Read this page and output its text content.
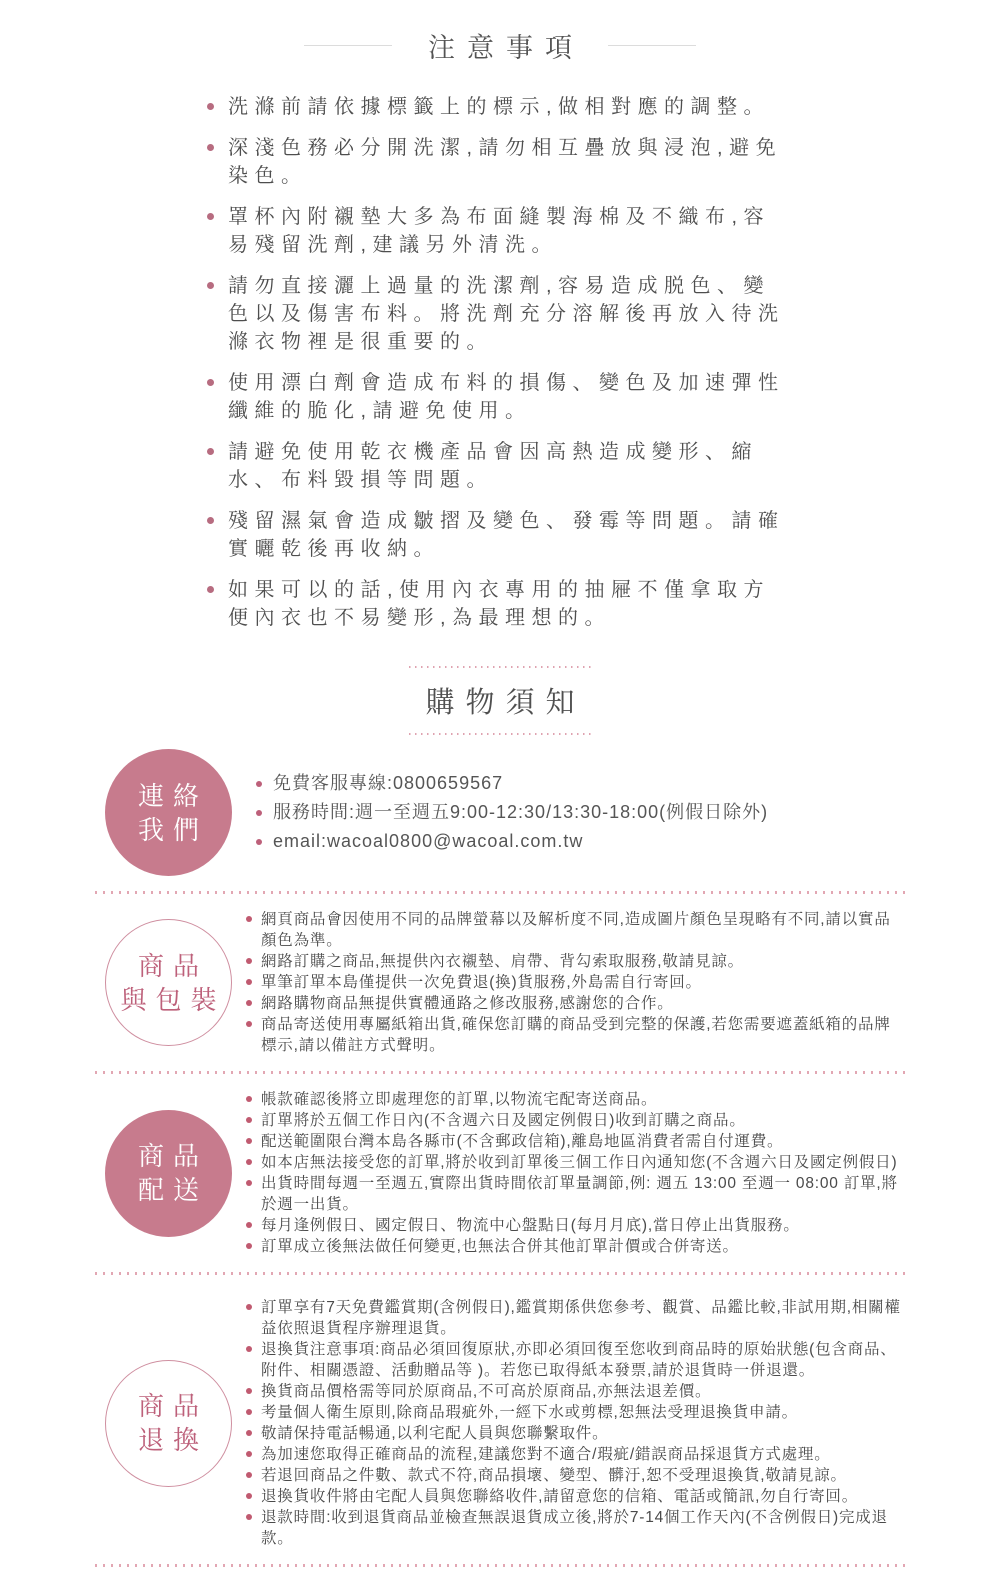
注意事項
洗滌前請依據標籤上的標示,做相對應的調整。
深淺色務必分開洗潔,請勿相互疊放與浸泡,避免染色。
罩杯內附襯墊大多為布面縫製海棉及不織布,容易殘留洗劑,建議另外清洗。
請勿直接灑上過量的洗潔劑,容易造成脱色、變色以及傷害布料。將洗劑充分溶解後再放入待洗滌衣物裡是很重要的。
使用漂白劑會造成布料的損傷、變色及加速彈性纖維的脆化,請避免使用。
請避免使用乾衣機產品會因高熱造成變形、縮水、布料毀損等問題。
殘留濕氣會造成皺摺及變色、發霉等問題。請確實曬乾後再收納。
如果可以的話,使用內衣專用的抽屜不僅拿取方便內衣也不易變形,為最理想的。
購物須知
連絡
我們
免費客服專線:0800659567
服務時間:週一至週五9:00-12:30/13:30-18:00(例假日除外)
email:wacoal0800@wacoal.com.tw
商品
與包裝
網頁商品會因使用不同的品牌螢幕以及解析度不同,造成圖片顏色呈現略有不同,請以實品顏色為準。
網路訂購之商品,無提供內衣襯墊、肩帶、背勾索取服務,敬請見諒。
單筆訂單本島僅提供一次免費退(換)貨服務,外島需自行寄回。
網路購物商品無提供實體通路之修改服務,感謝您的合作。
商品寄送使用專屬紙箱出貨,確保您訂購的商品受到完整的保護,若您需要遮蓋紙箱的品牌標示,請以備註方式聲明。
商品
配送
帳款確認後將立即處理您的訂單,以物流宅配寄送商品。
訂單將於五個工作日內(不含週六日及國定例假日)收到訂購之商品。
配送範圍限台灣本島各縣市(不含郵政信箱),離島地區消費者需自付運費。
如本店無法接受您的訂單,將於收到訂單後三個工作日內通知您(不含週六日及國定例假日)
出貨時間每週一至週五,實際出貨時間依訂單量調節,例: 週五 13:00 至週一 08:00 訂單,將於週一出貨。
每月逢例假日、國定假日、物流中心盤點日(每月月底),當日停止出貨服務。
訂單成立後無法做任何變更,也無法合併其他訂單計價或合併寄送。
商品
退換
訂單享有7天免費鑑賞期(含例假日),鑑賞期係供您參考、觀賞、品鑑比較,非試用期,相關權益依照退貨程序辦理退貨。
退換貨注意事項:商品必須回復原狀,亦即必須回復至您收到商品時的原始狀態(包含商品、附件、相關憑證、活動贈品等 )。若您已取得紙本發票,請於退貨時一併退還。
換貨商品價格需等同於原商品,不可高於原商品,亦無法退差價。
考量個人衛生原則,除商品瑕疵外,一經下水或剪標,恕無法受理退換貨申請。
敬請保持電話暢通,以利宅配人員與您聯繫取件。
為加速您取得正確商品的流程,建議您對不適合/瑕疵/錯誤商品採退貨方式處理。
若退回商品之件數、款式不符,商品損壞、變型、髒汙,恕不受理退換貨,敬請見諒。
退換貨收件將由宅配人員與您聯絡收件,請留意您的信箱、電話或簡訊,勿自行寄回。
退款時間:收到退貨商品並檢查無誤退貨成立後,將於7-14個工作天內(不含例假日)完成退款。
